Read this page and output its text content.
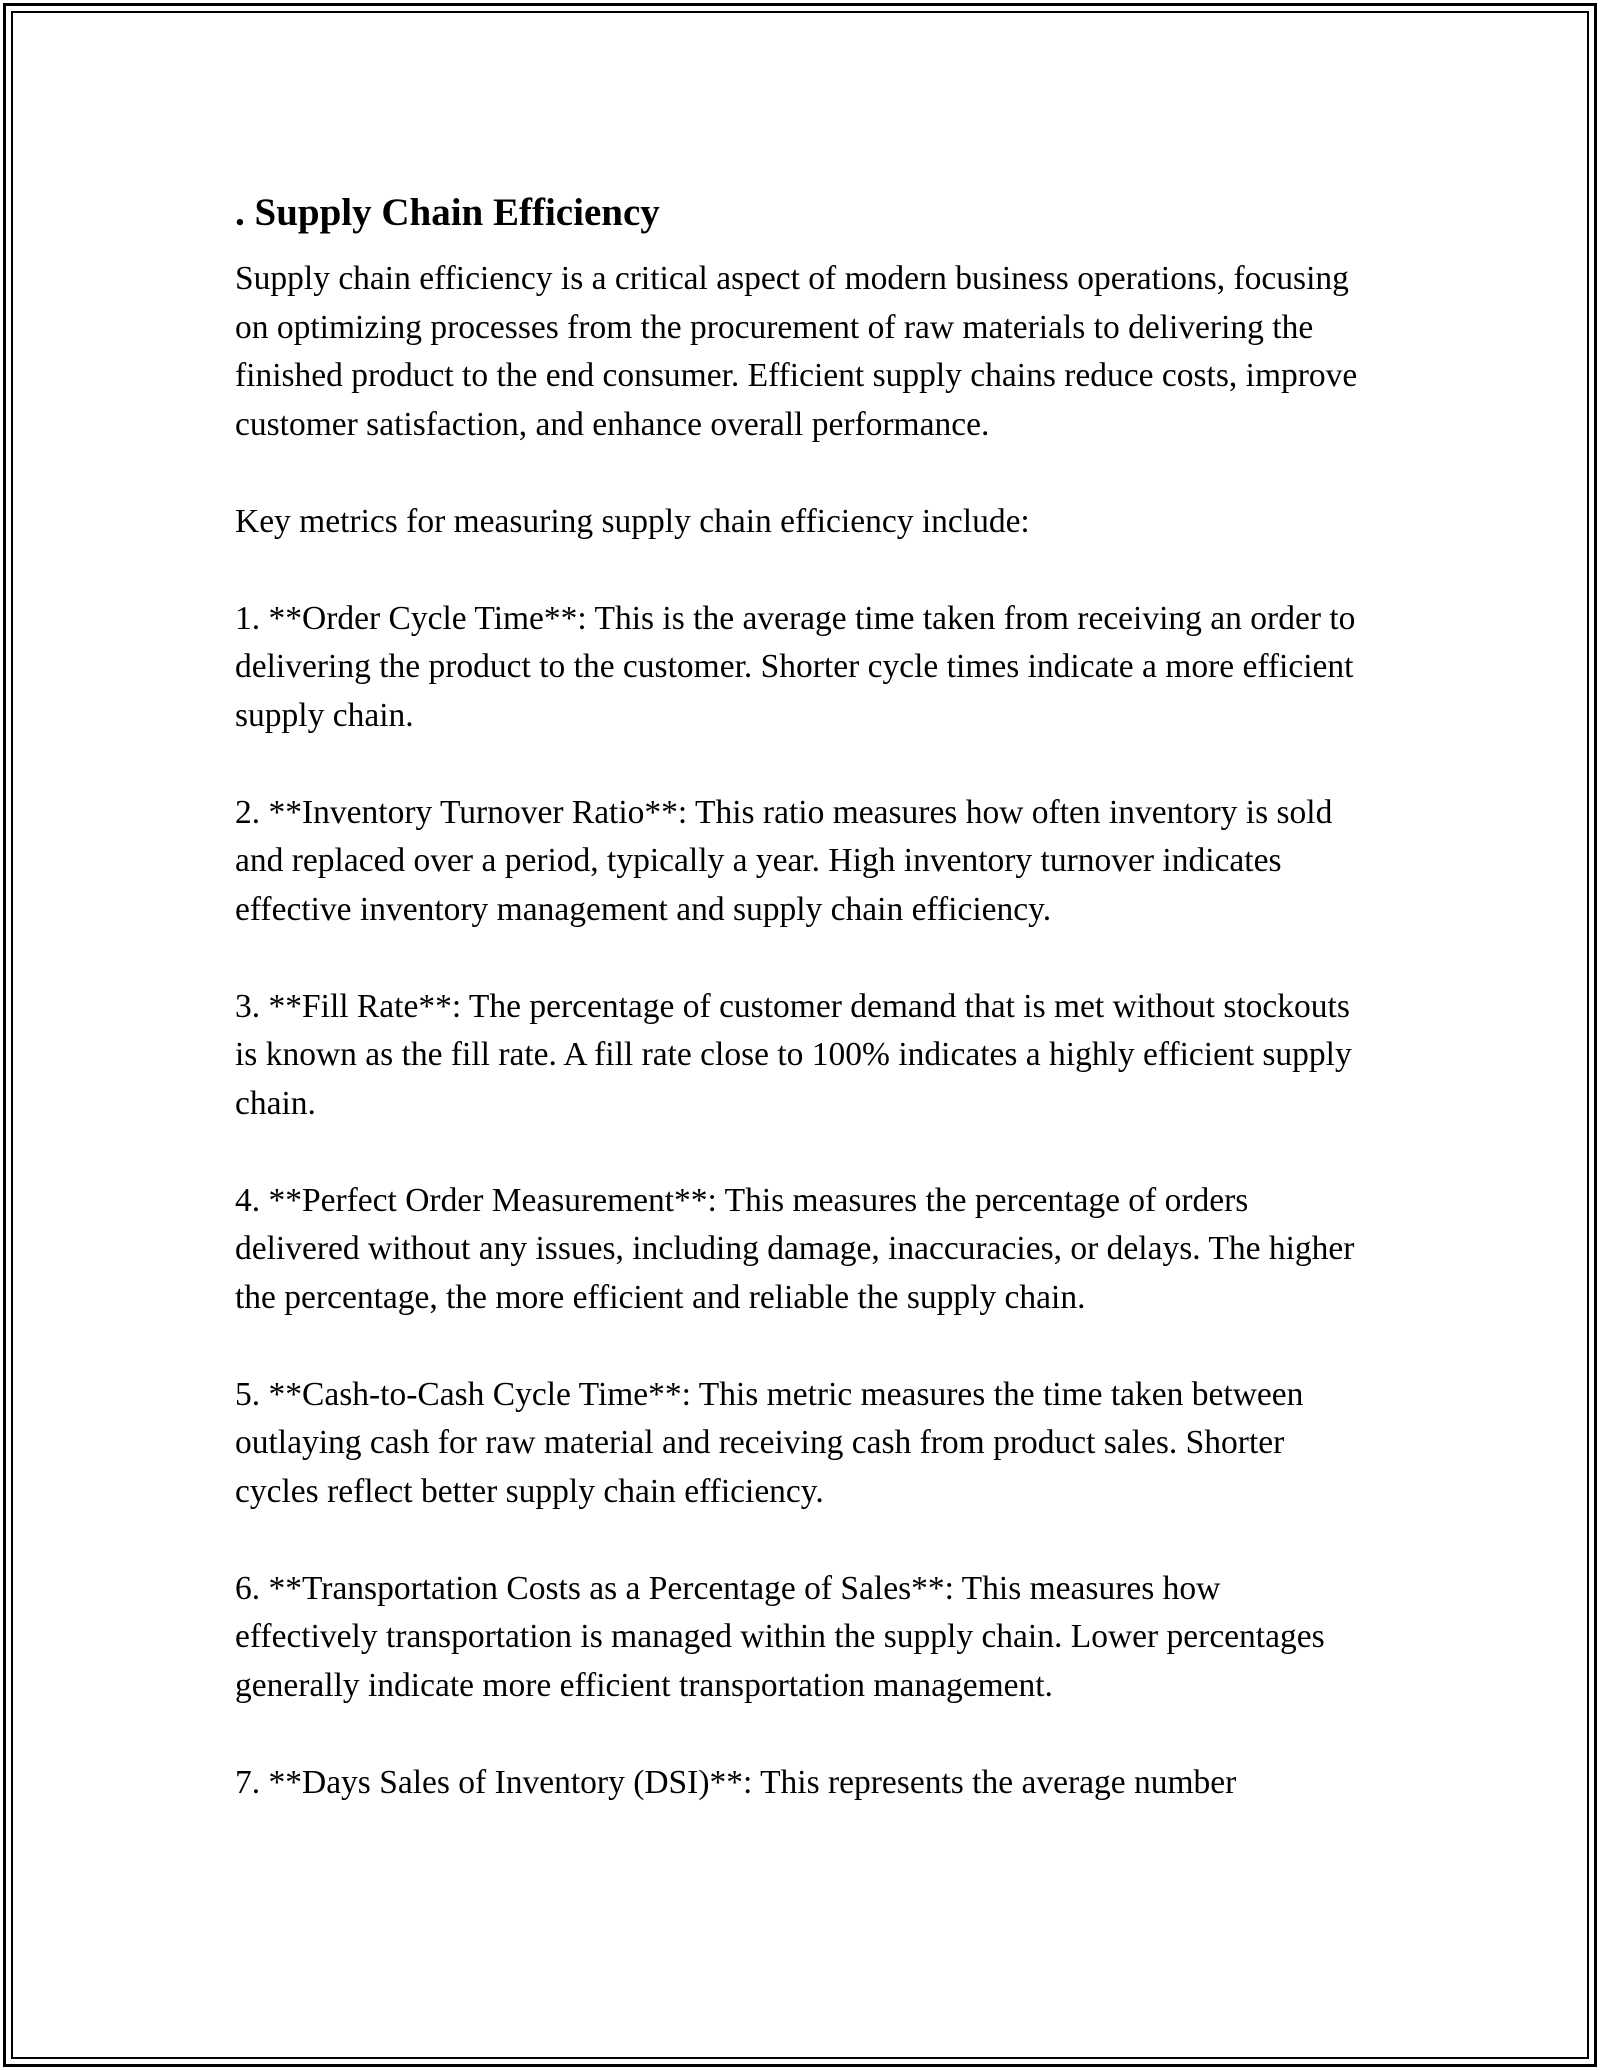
. Supply Chain Efficiency

Supply chain efficiency is a critical aspect of modern business operations, focusing on optimizing processes from the procurement of raw materials to delivering the finished product to the end consumer. Efficient supply chains reduce costs, improve customer satisfaction, and enhance overall performance.

Key metrics for measuring supply chain efficiency include:

1. **Order Cycle Time**: This is the average time taken from receiving an order to delivering the product to the customer. Shorter cycle times indicate a more efficient supply chain.

2. **Inventory Turnover Ratio**: This ratio measures how often inventory is sold and replaced over a period, typically a year. High inventory turnover indicates effective inventory management and supply chain efficiency.

3. **Fill Rate**: The percentage of customer demand that is met without stockouts is known as the fill rate. A fill rate close to 100% indicates a highly efficient supply chain.

4. **Perfect Order Measurement**: This measures the percentage of orders delivered without any issues, including damage, inaccuracies, or delays. The higher the percentage, the more efficient and reliable the supply chain.

5. **Cash-to-Cash Cycle Time**: This metric measures the time taken between outlaying cash for raw material and receiving cash from product sales. Shorter cycles reflect better supply chain efficiency.

6. **Transportation Costs as a Percentage of Sales**: This measures how effectively transportation is managed within the supply chain. Lower percentages generally indicate more efficient transportation management.

7. **Days Sales of Inventory (DSI)**: This represents the average number
